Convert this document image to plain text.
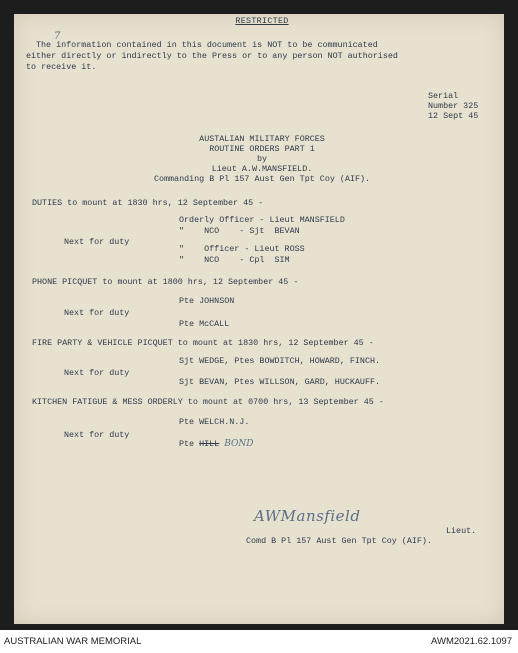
7
RESTRICTED
The information contained in this document is NOT to be communicated
either directly or indirectly to the Press or to any person NOT authorised
to receive it.
Serial
Number 325
12 Sept 45
AUSTALIAN MILITARY FORCES
ROUTINE ORDERS PART 1
by
Lieut A.W.MANSFIELD.
Commanding B Pl 157 Aust Gen Tpt Coy (AIF).
DUTIES to mount at 1830 hrs, 12 September 45 -
Orderly Officer - Lieut MANSFIELD
"    NCO    - Sjt  BEVAN
Next for duty
"    Officer - Lieut ROSS
"    NCO    - Cpl  SIM
PHONE PICQUET to mount at 1800 hrs, 12 September 45 -
Pte JOHNSON
Next for duty
Pte McCALL
FIRE PARTY & VEHICLE PICQUET to mount at 1830 hrs, 12 September 45 -
Sjt WEDGE, Ptes BOWDITCH, HOWARD, FINCH.
Next for duty
Sjt BEVAN, Ptes WILLSON, GARD, HUCKAUFF.
KITCHEN FATIGUE & MESS ORDERLY to mount at 0700 hrs, 13 September 45 -
Pte WELCH.N.J.
Next for duty
Pte HILL BOND
AWMansfield
Lieut.
Comd B Pl 157 Aust Gen Tpt Coy (AIF).
AUSTRALIAN WAR MEMORIAL	AWM2021.62.1097
